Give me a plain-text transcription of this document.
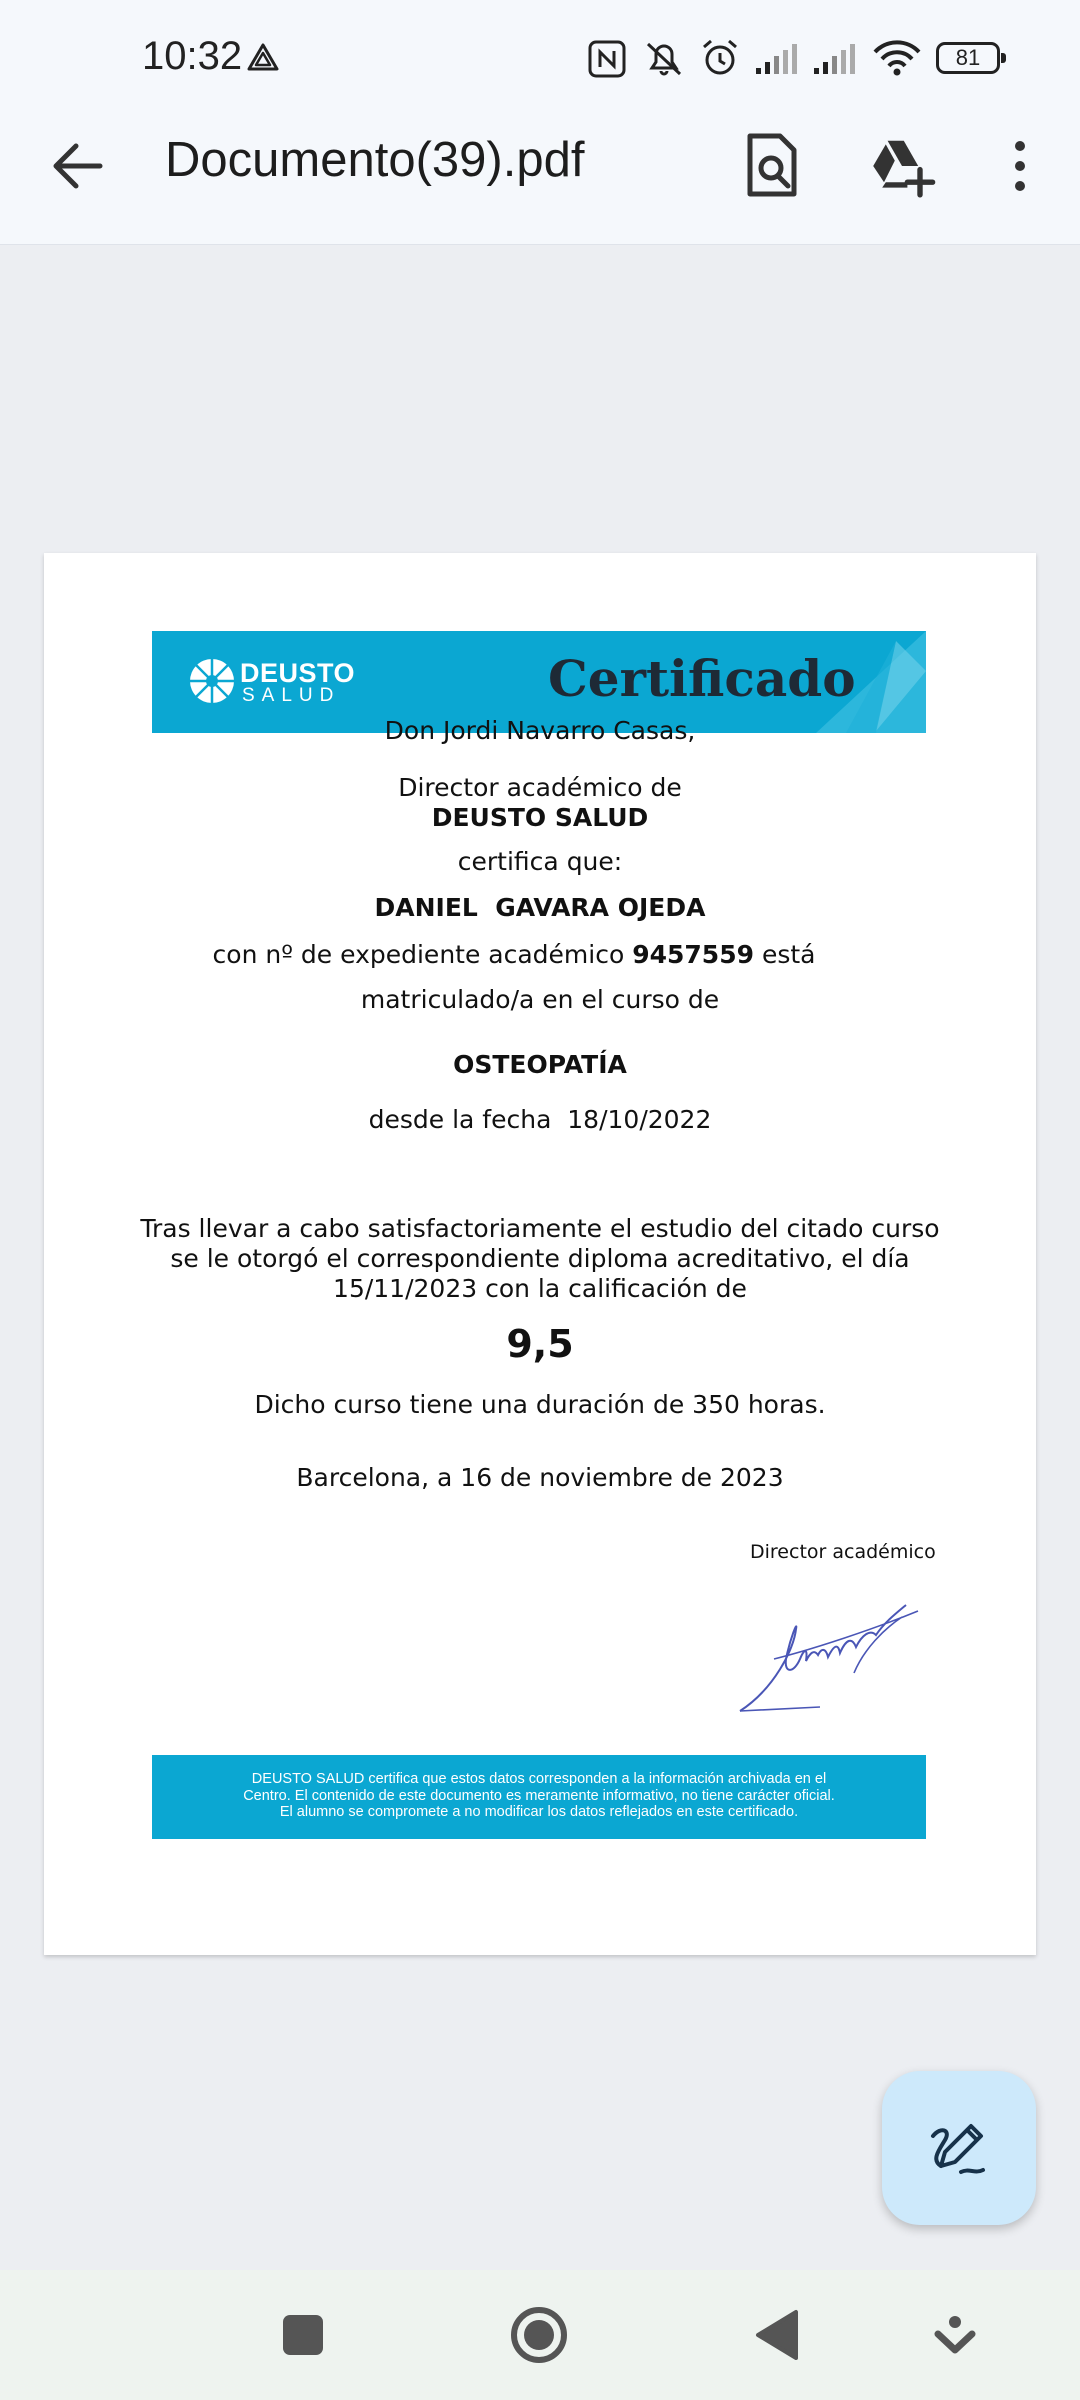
10:32	81
Documento(39).pdf
DEUSTO
SALUD	Certificado
Don Jordi Navarro Casas,
Director académico de
DEUSTO SALUD
certifica que:
DANIEL  GAVARA OJEDA
con nº de expediente académico 9457559 está
matriculado/a en el curso de
OSTEOPATÍA
desde la fecha  18/10/2022
Tras llevar a cabo satisfactoriamente el estudio del citado curso
se le otorgó el correspondiente diploma acreditativo, el día
15/11/2023 con la calificación de
9,5
Dicho curso tiene una duración de 350 horas.
Barcelona, a 16 de noviembre de 2023
Director académico
DEUSTO SALUD certifica que estos datos corresponden a la información archivada en el
Centro. El contenido de este documento es meramente informativo, no tiene carácter oficial.
El alumno se compromete a no modificar los datos reflejados en este certificado.
